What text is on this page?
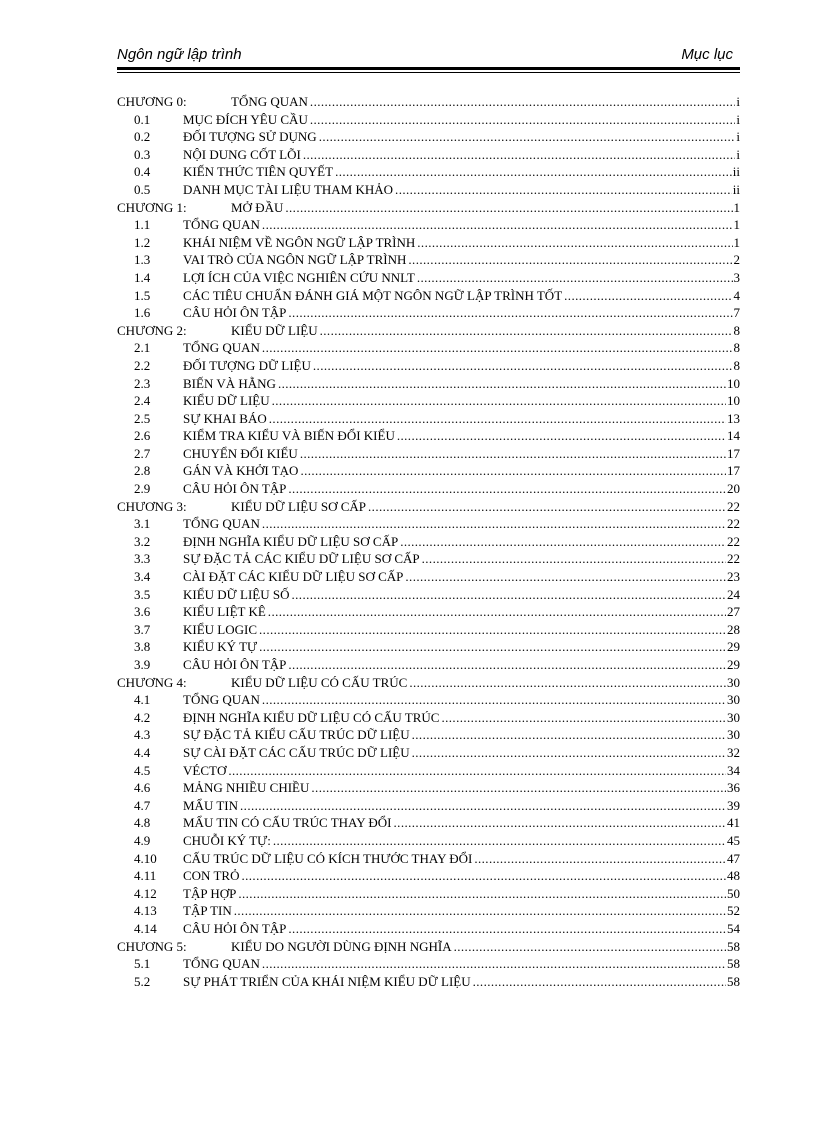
Ngôn ngữ lập trình	Mục lục
CHƯƠNG 0:	TỔNG QUAN .....	i
0.1	MỤC ĐÍCH YÊU CẦU .....	i
0.2	ĐỐI TƯỢNG SỬ DỤNG .....	i
0.3	NỘI DUNG CỐT LÕI .....	i
0.4	KIẾN THỨC TIÊN QUYẾT .....	ii
0.5	DANH MỤC TÀI LIỆU THAM KHẢO .....	ii
CHƯƠNG 1:	MỞ ĐẦU .....	1
1.1	TỔNG QUAN .....	1
1.2	KHÁI NIỆM VỀ NGÔN NGỮ LẬP TRÌNH .....	1
1.3	VAI TRÒ CỦA NGÔN NGỮ LẬP TRÌNH .....	2
1.4	LỢI ÍCH CỦA VIỆC NGHIÊN CỨU NNLT .....	3
1.5	CÁC TIÊU CHUẨN ĐÁNH GIÁ MỘT NGÔN NGỮ LẬP TRÌNH TỐT .....	4
1.6	CÂU HỎI ÔN TẬP .....	7
CHƯƠNG 2:	KIỂU DỮ LIỆU .....	8
2.1	TỔNG QUAN .....	8
2.2	ĐỐI TƯỢNG DỮ LIỆU .....	8
2.3	BIẾN VÀ HẰNG .....	10
2.4	KIỂU DỮ LIỆU .....	10
2.5	SỰ KHAI BÁO .....	13
2.6	KIỂM TRA KIỂU VÀ BIẾN ĐỔI KIỂU .....	14
2.7	CHUYỂN ĐỔI KIỂU .....	17
2.8	GÁN VÀ KHỞI TẠO .....	17
2.9	CÂU HỎI ÔN TẬP .....	20
CHƯƠNG 3:	KIỂU DỮ LIỆU SƠ CẤP .....	22
3.1	TỔNG QUAN .....	22
3.2	ĐỊNH NGHĨA KIỂU DỮ LIỆU SƠ CẤP .....	22
3.3	SỰ ĐẶC TẢ CÁC KIỂU DỮ LIỆU SƠ CẤP .....	22
3.4	CÀI ĐẶT CÁC KIỂU DỮ LIỆU SƠ CẤP .....	23
3.5	KIỂU DỮ LIỆU SỐ .....	24
3.6	KIỂU LIỆT KÊ .....	27
3.7	KIỂU LOGIC .....	28
3.8	KIỂU KÝ TỰ .....	29
3.9	CÂU HỎI ÔN TẬP .....	29
CHƯƠNG 4:	KIỂU DỮ LIỆU CÓ CẤU TRÚC .....	30
4.1	TỔNG QUAN .....	30
4.2	ĐỊNH NGHĨA KIỂU DỮ LIỆU CÓ CẤU TRÚC .....	30
4.3	SỰ ĐẶC TẢ KIỂU CẤU TRÚC DỮ LIỆU .....	30
4.4	SỰ CÀI ĐẶT CÁC CẤU TRÚC DỮ LIỆU .....	32
4.5	VÉCTƠ .....	34
4.6	MẢNG NHIỀU CHIỀU .....	36
4.7	MẨU TIN .....	39
4.8	MẨU TIN CÓ CẤU TRÚC THAY ĐỔI .....	41
4.9	CHUỖI KÝ TỰ: .....	45
4.10 CẤU TRÚC DỮ LIỆU CÓ KÍCH THƯỚC THAY ĐỔI .....	47
4.11 CON TRỎ .....	48
4.12 TẬP HỢP .....	50
4.13 TẬP TIN .....	52
4.14 CÂU HỎI ÔN TẬP .....	54
CHƯƠNG 5:	KIỂU DO NGƯỜI DÙNG ĐỊNH NGHĨA .....	58
5.1	TỔNG QUAN .....	58
5.2	SỰ PHÁT TRIỂN CỦA KHÁI NIỆM KIỂU DỮ LIỆU .....	58
